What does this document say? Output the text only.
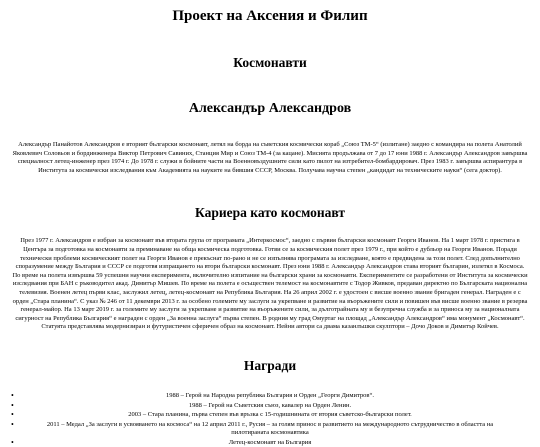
Проект на Аксения и Филип
Космонавти
Александър Александров

Александър Панайотов Александров е вторият български космонавт, летял на борда на съветския космически кораб „Союз ТМ-5“ (излитане) заедно с командира на полета Анатолий Яковлевич Соловьов и бординженера Виктор Петрович Савиних, Станция Мир и Союз ТМ-4 (за кацане). Мисията продължава от 7 до 17 юни 1988 г. Александър Александров завършва специалност летец-инженер през 1974 г. До 1978 г. служи в бойните части на Военновъздушните сили като пилот на изтребител-бомбардировач. През 1983 г. завършва аспирантура в Института за космически изследвания към Академията на науките на бившия СССР, Москва. Получава научна степен „кандидат на техническите науки“ (сега доктор).

Кариера като космонавт

През 1977 г. Александров е избран за космонавт във втората група от програмата „Интеркосмос“, заедно с първия български космонавт Георги Иванов. На 1 март 1978 г. пристига в Центъра за подготовка на космонавти за преминаване на обща космическа подготовка. Готви се за космическия полет през 1979 г., при който е дубльор на Георги Иванов. Поради технически проблеми космическият полет на Георги Иванов е прекъснат по-рано и не се изпълнява програмата за изследване, която е предвидена за този полет. След допълнително споразумение между България и СССР се подготвя изпращането на втори български космонавт. През юни 1988 г. Александър Александров става вторият българин, излетял в Космоса. По време на полета извършва 59 успешни научни експеримента, включително изпитание на български храни за космонавти. Експериментите се разработени от Института за космически изследвания при БАН с ръководител акад. Димитър Мишев. По време на полета е осъществен телемост на космонавтите с Тодор Живков, предаван директно по Българската национална телевизия. Военен летец първи клас, заслужил летец, летец-космонавт на Република България. На 26 април 2002 г. е удостоен с висше военно звание бригаден генерал. Награден е с орден „Стара планина“. С указ № 246 от 11 декември 2013 г. за особено големите му заслуги за укрепване и развитие на въоръжените сили и повишен във висше военно звание в резерва генерал-майор. На 13 март 2019 г. за големите му заслуги за укрепване и развитие на въоръжените сили, за дълготрайната му и безупречна служба и за приноса му за националната сигурност на Република България“ е награден с орден „За военна заслуга“ първа степен. В родния му град Омуртаг на площад „Александър Александров“ има монумент „Космонавт“. Статуята представлява модернизиран и футуристичен сферичен образ на космонавт. Нейни автори са двама казанлъшки скулптори – Дочо Доков и Димитър Койчев.

Награди
•	1988 – Герой на Народна република България и Орден „Георги Димитров“.
•	1988 – Герой на Съветския съюз, кавалер на Орден Ленин.
•	2003 – Стара планина, първа степен във връзка с 15-годишнината от втория съветско-български полет.
•	2011 – Медал „За заслуги в усвояването на космоса“ на 12 април 2011 г., Русия – за голям принос в развитието на международното сътрудничество в областта на пилотираната космонавтика
•	Летец-космонавт на България
